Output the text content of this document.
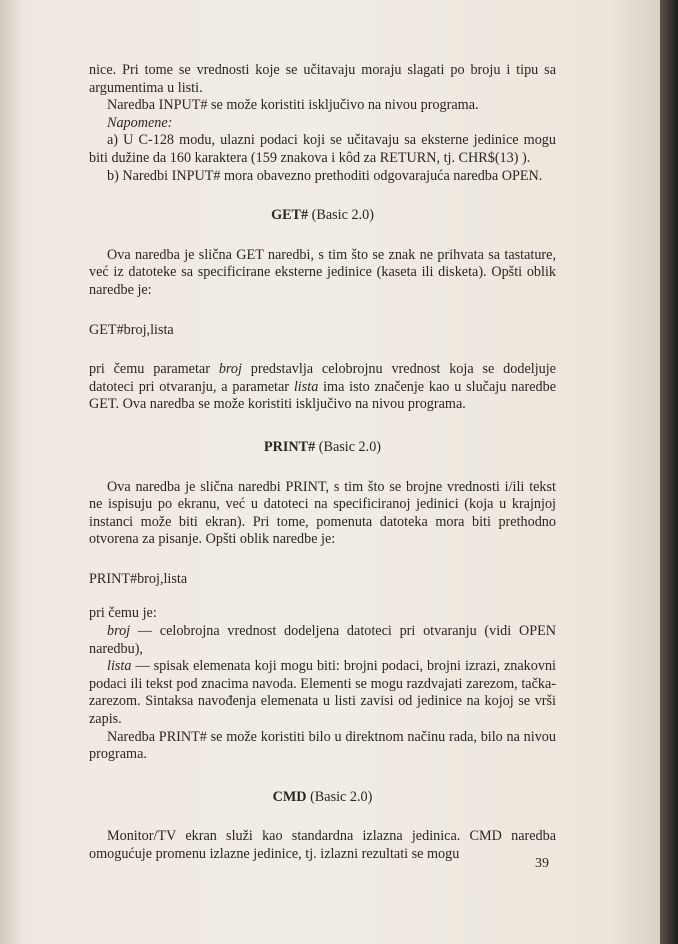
nice. Pri tome se vrednosti koje se učitavaju moraju slagati po broju i tipu sa argumentima u listi.

Naredba INPUT# se može koristiti isključivo na nivou programa.

Napomene:

a) U C-128 modu, ulazni podaci koji se učitavaju sa eksterne jedinice mogu biti dužine da 160 karaktera (159 znakova i kôd za RETURN, tj. CHR$(13) ).

b) Naredbi INPUT# mora obavezno prethoditi odgovarajuća naredba OPEN.

GET# (Basic 2.0)

Ova naredba je slična GET naredbi, s tim što se znak ne prihvata sa tastature, već iz datoteke sa specificirane eksterne jedinice (kaseta ili disketa). Opšti oblik naredbe je:

GET#broj,lista

pri čemu parametar broj predstavlja celobrojnu vrednost koja se dodeljuje datoteci pri otvaranju, a parametar lista ima isto značenje kao u slučaju naredbe GET. Ova naredba se može koristiti isključivo na nivou programa.

PRINT# (Basic 2.0)

Ova naredba je slična naredbi PRINT, s tim što se brojne vrednosti i/ili tekst ne ispisuju po ekranu, već u datoteci na specificiranoj jedinici (koja u krajnjoj instanci može biti ekran). Pri tome, pomenuta datoteka mora biti prethodno otvorena za pisanje. Opšti oblik naredbe je:

PRINT#broj,lista

pri čemu je:

broj — celobrojna vrednost dodeljena datoteci pri otvaranju (vidi OPEN naredbu),

lista — spisak elemenata koji mogu biti: brojni podaci, brojni izrazi, znakovni podaci ili tekst pod znacima navoda. Elementi se mogu razdvajati zarezom, tačka-zarezom. Sintaksa navođenja elemenata u listi zavisi od jedinice na kojoj se vrši zapis.

Naredba PRINT# se može koristiti bilo u direktnom načinu rada, bilo na nivou programa.

CMD (Basic 2.0)

Monitor/TV ekran služi kao standardna izlazna jedinica. CMD naredba omogućuje promenu izlazne jedinice, tj. izlazni rezultati se mogu

39
